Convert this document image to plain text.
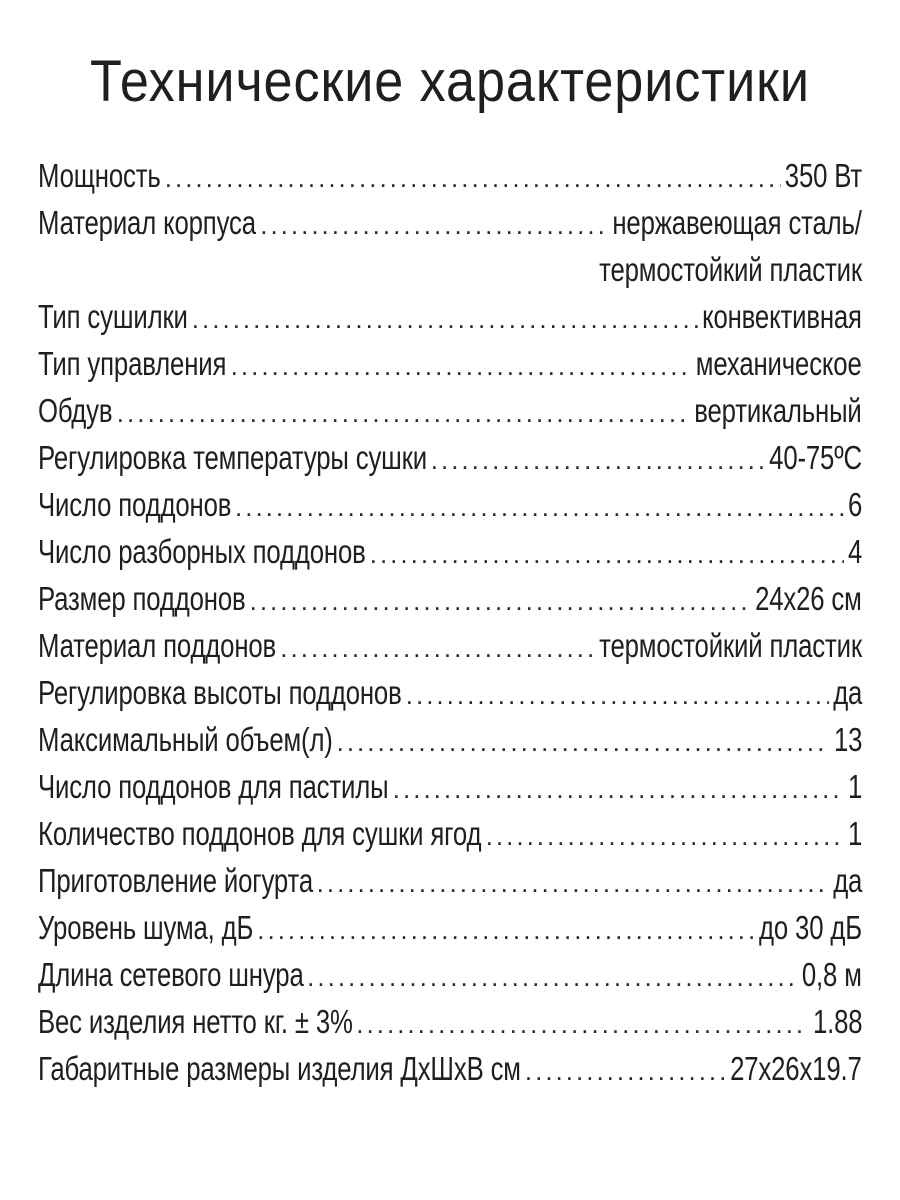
Технические характеристики
Мощность .....	350 Вт
Материал корпуса .....	нержавеющая сталь/
термостойкий пластик
Тип сушилки .....	конвективная
Тип управления .....	механическое
Обдув .....	вертикальный
Регулировка температуры сушки .....	40-75ºС
Число поддонов .....	6
Число разборных поддонов .....	4
Размер поддонов .....	24х26 см
Материал поддонов .....	термостойкий пластик
Регулировка высоты поддонов .....	да
Максимальный объем(л) .....	13
Число поддонов для пастилы .....	1
Количество поддонов для сушки ягод .....	1
Приготовление йогурта .....	да
Уровень шума, дБ .....	до 30 дБ
Длина сетевого шнура .....	0,8 м
Вес изделия нетто кг. ± 3% .....	1.88
Габаритные размеры изделия ДхШхВ см .....	27х26х19.7
